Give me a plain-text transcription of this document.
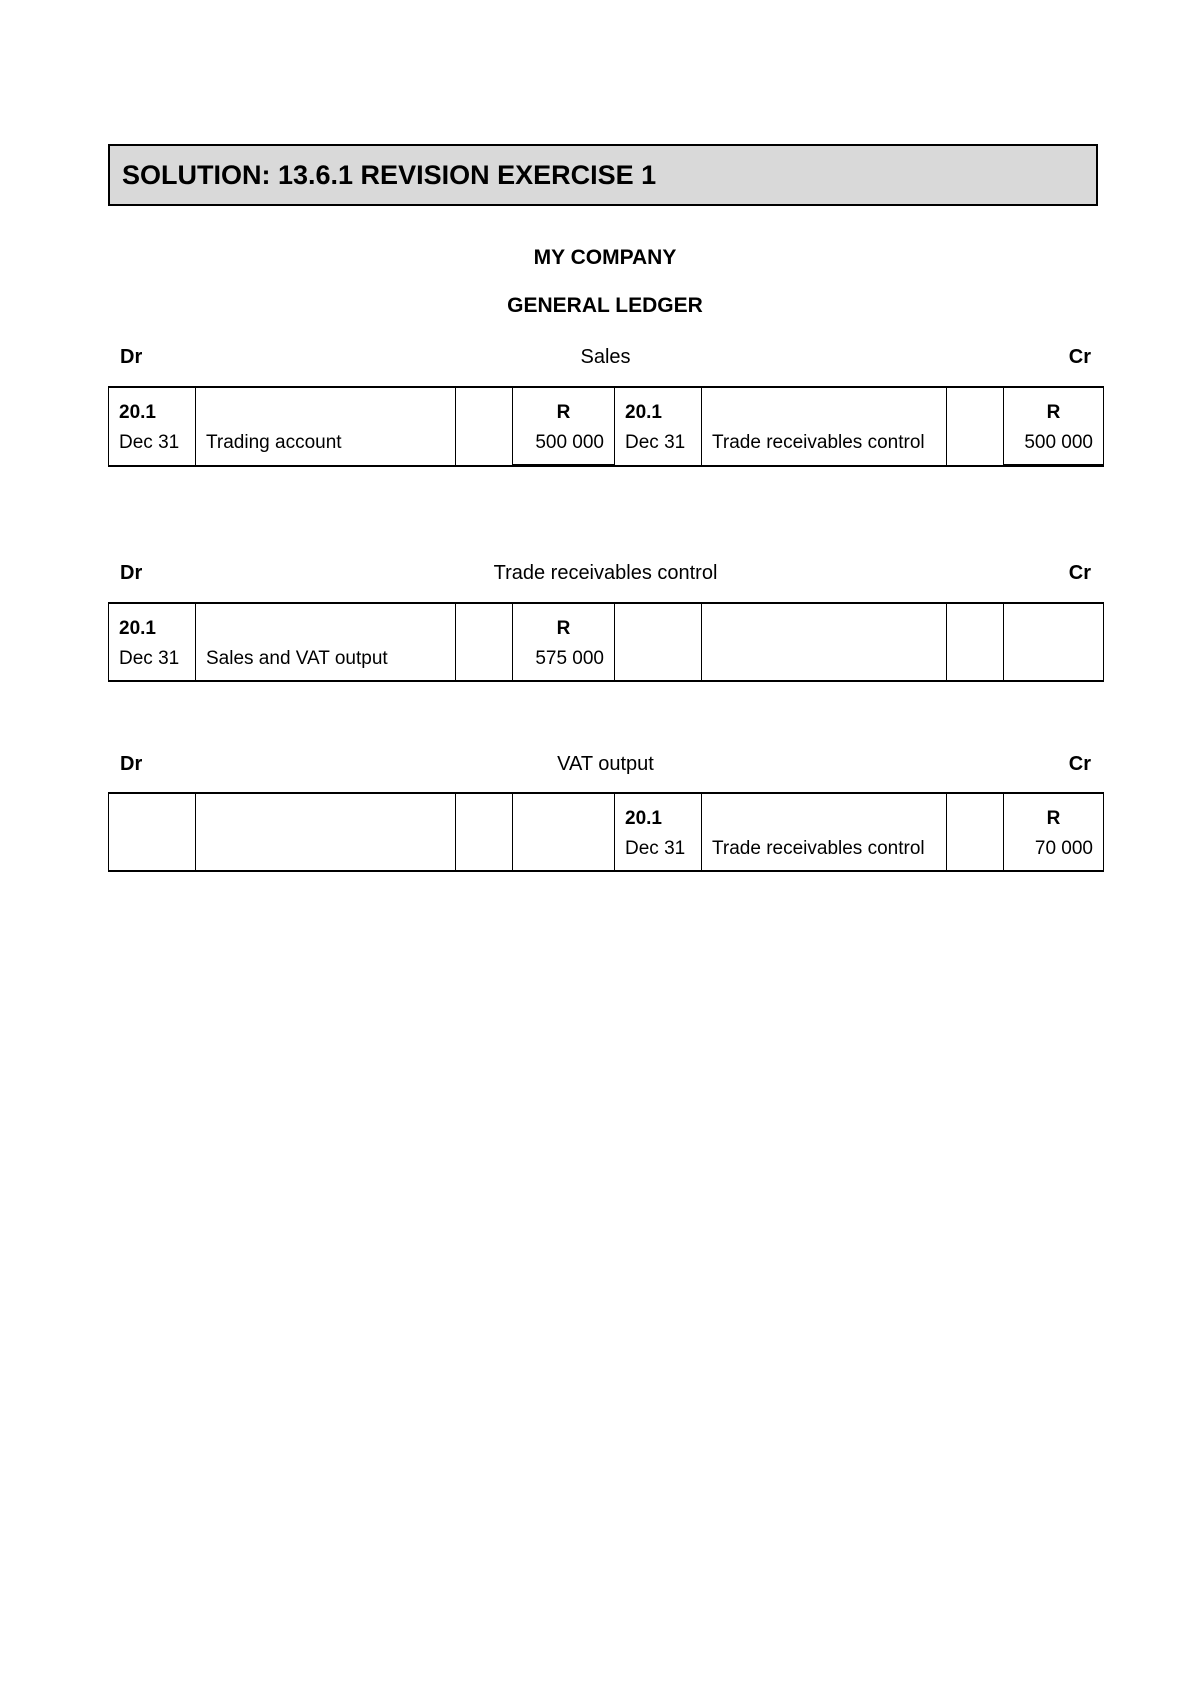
SOLUTION: 13.6.1 REVISION EXERCISE 1
MY COMPANY
GENERAL LEDGER
Dr	Sales	Cr
20.1			R	20.1			R
Dec 31	Trading account		500 000	Dec 31	Trade receivables control		500 000
Dr	Trade receivables control	Cr
20.1			R				
Dec 31	Sales and VAT output		575 000				
Dr	VAT output	Cr
				20.1			R
				Dec 31	Trade receivables control		70 000
